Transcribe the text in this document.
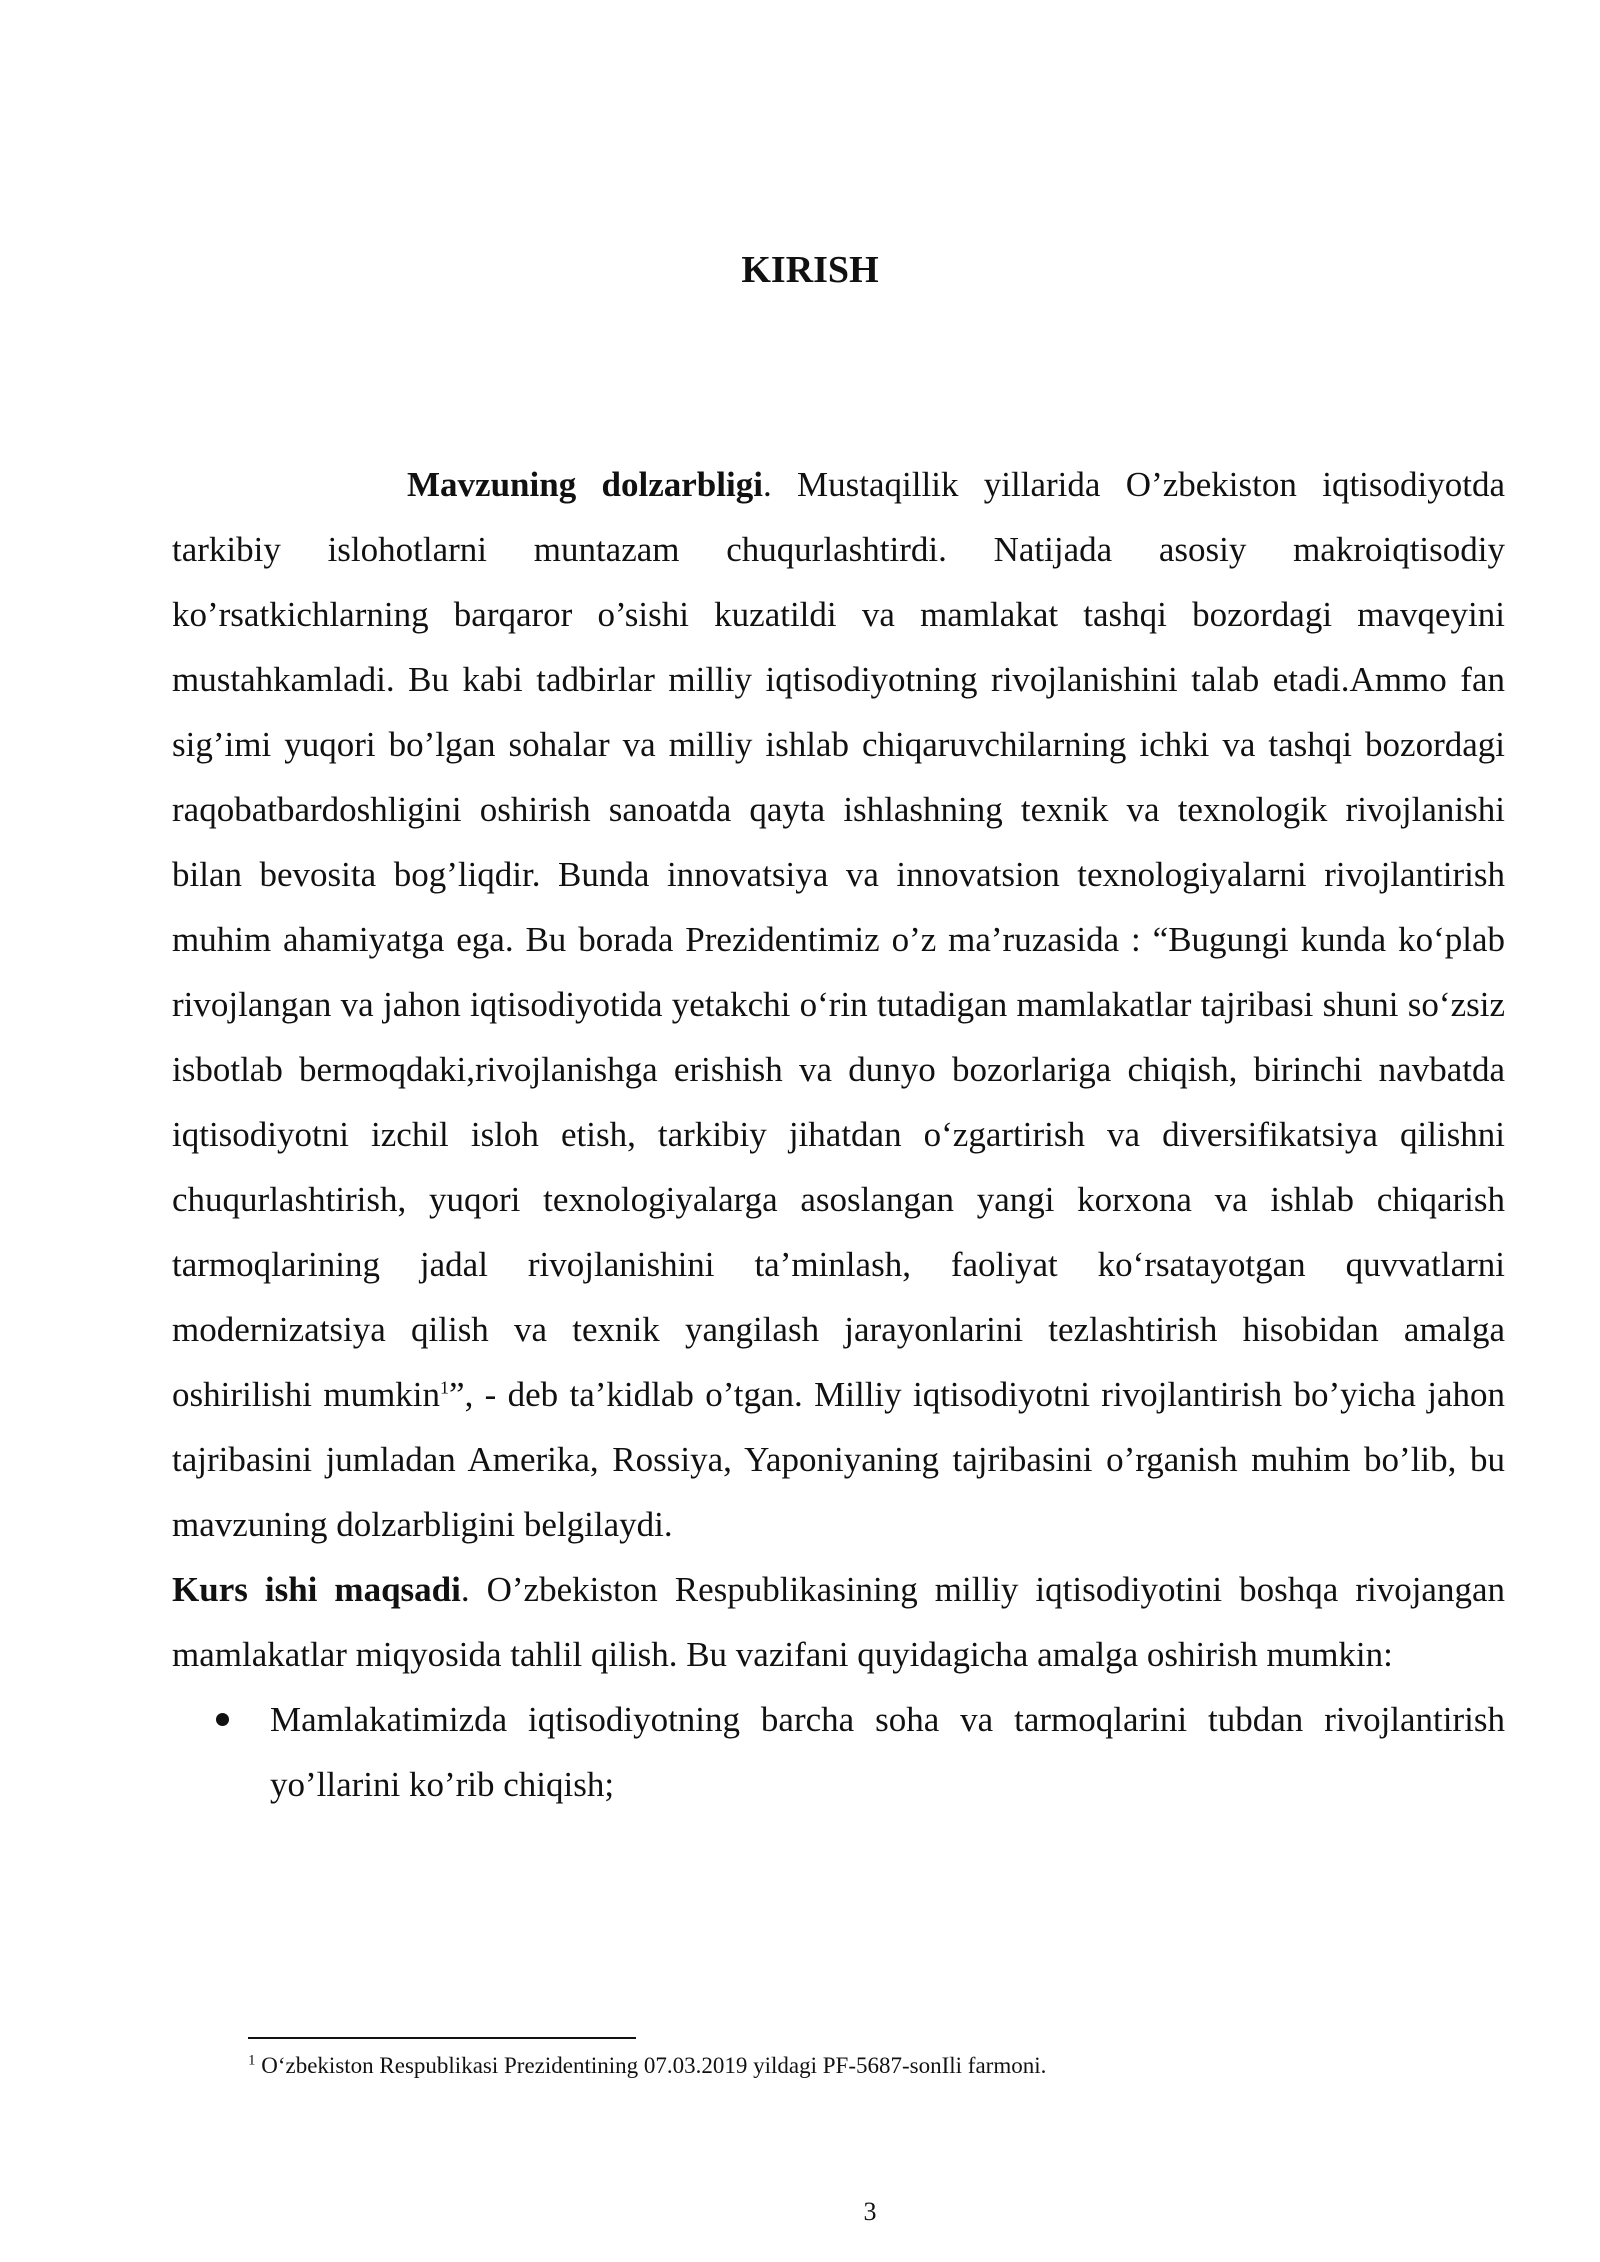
KIRISH

Mavzuning dolzarbligi. Mustaqillik yillarida O’zbekiston iqtisodiyotda tarkibiy islohotlarni muntazam chuqurlashtirdi. Natijada asosiy makroiqtisodiy ko’rsatkichlarning barqaror o’sishi kuzatildi va mamlakat tashqi bozordagi mavqeyini mustahkamladi. Bu kabi tadbirlar milliy iqtisodiyotning rivojlanishini talab etadi.Ammo fan sig’imi yuqori bo’lgan sohalar va milliy ishlab chiqaruvchilarning ichki va tashqi bozordagi raqobatbardoshligini oshirish sanoatda qayta ishlashning texnik va texnologik rivojlanishi bilan bevosita bog’liqdir. Bunda innovatsiya va innovatsion texnologiyalarni rivojlantirish muhim ahamiyatga ega. Bu borada Prezidentimiz o’z ma’ruzasida : “Bugungi kunda ko‘plab rivojlangan va jahon iqtisodiyotida yetakchi o‘rin tutadigan mamlakatlar tajribasi shuni so‘zsiz isbotlab bermoqdaki,rivojlanishga erishish va dunyo bozorlariga chiqish, birinchi navbatda iqtisodiyotni izchil isloh etish, tarkibiy jihatdan o‘zgartirish va diversifikatsiya qilishni chuqurlashtirish, yuqori texnologiyalarga asoslangan yangi korxona va ishlab chiqarish tarmoqlarining jadal rivojlanishini ta’minlash, faoliyat ko‘rsatayotgan quvvatlarni modernizatsiya qilish va texnik yangilash jarayonlarini tezlashtirish hisobidan amalga oshirilishi mumkin$^1$”, - deb ta’kidlab o’tgan. Milliy iqtisodiyotni rivojlantirish bo’yicha jahon tajribasini jumladan Amerika, Rossiya, Yaponiyaning tajribasini o’rganish muhim bo’lib, bu mavzuning dolzarbligini belgilaydi.

Kurs ishi maqsadi. O’zbekiston Respublikasining milliy iqtisodiyotini boshqa rivojangan mamlakatlar miqyosida tahlil qilish. Bu vazifani quyidagicha amalga oshirish mumkin:

Mamlakatimizda iqtisodiyotning barcha soha va tarmoqlarini tubdan rivojlantirish yo’llarini ko’rib chiqish;
$^1$ O‘zbekiston Respublikasi Prezidentining 07.03.2019 yildagi PF-5687-sonIli farmoni.
3
